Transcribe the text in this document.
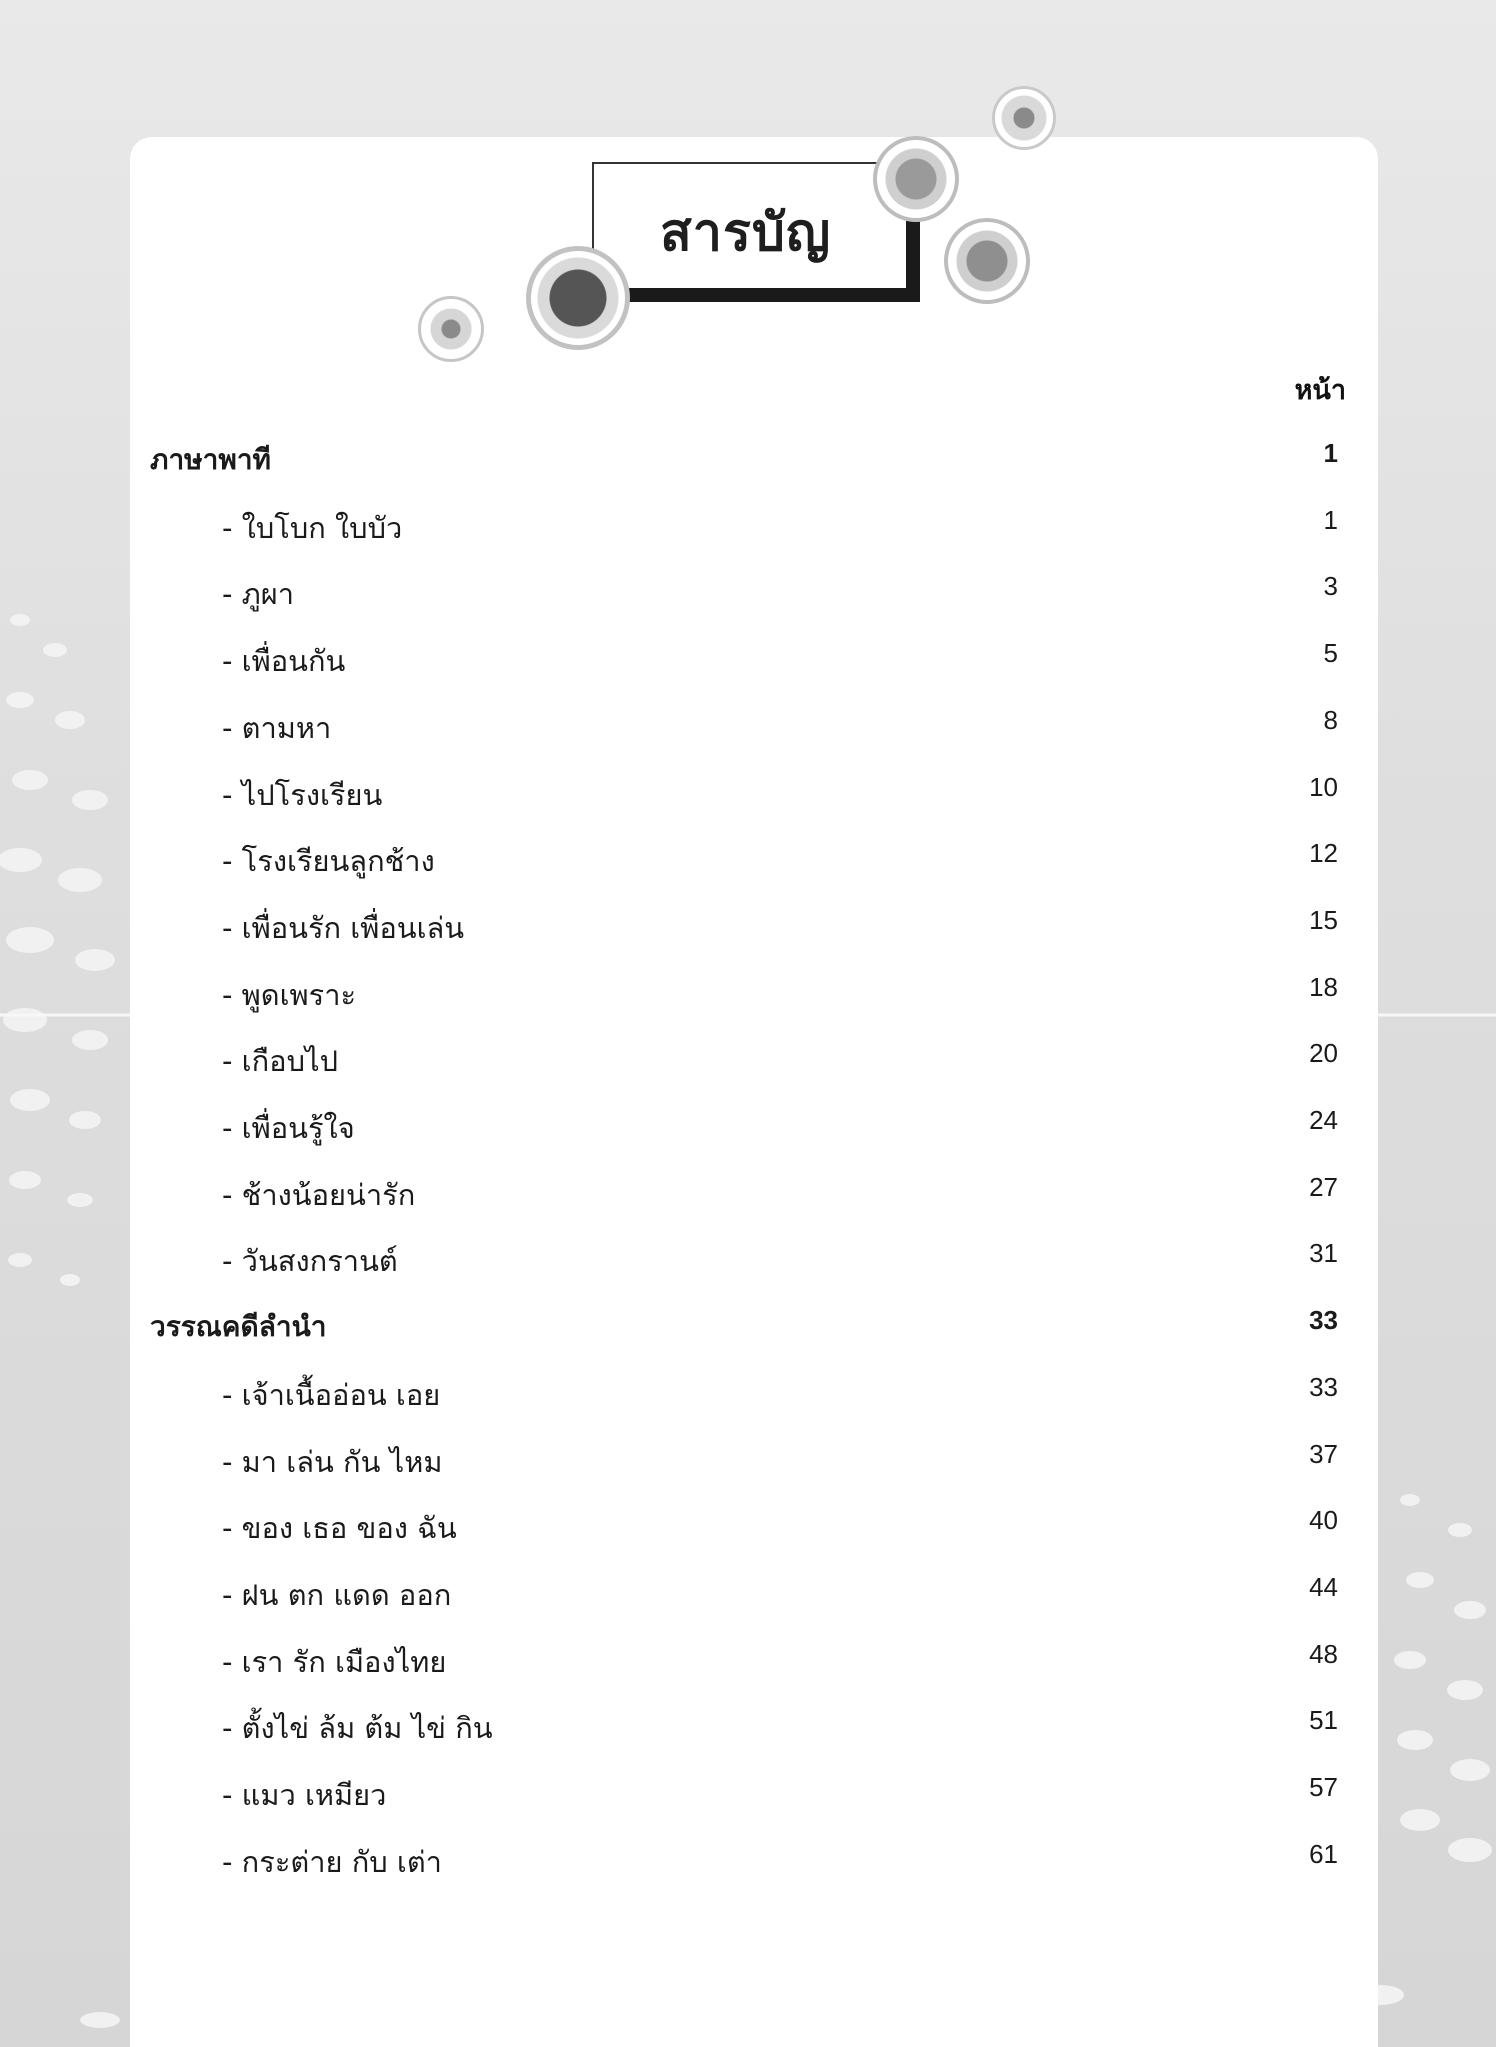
สารบัญ
หน้า
ภาษาพาที	1
- ใบโบก ใบบัว	1
- ภูผา	3
- เพื่อนกัน	5
- ตามหา	8
- ไปโรงเรียน	10
- โรงเรียนลูกช้าง	12
- เพื่อนรัก เพื่อนเล่น	15
- พูดเพราะ	18
- เกือบไป	20
- เพื่อนรู้ใจ	24
- ช้างน้อยน่ารัก	27
- วันสงกรานต์	31
วรรณคดีลำนำ	33
- เจ้าเนื้ออ่อน เอย	33
- มา เล่น กัน ไหม	37
- ของ เธอ ของ ฉัน	40
- ฝน ตก แดด ออก	44
- เรา รัก เมืองไทย	48
- ตั้งไข่ ล้ม ต้ม ไข่ กิน	51
- แมว เหมียว	57
- กระต่าย กับ เต่า	61
